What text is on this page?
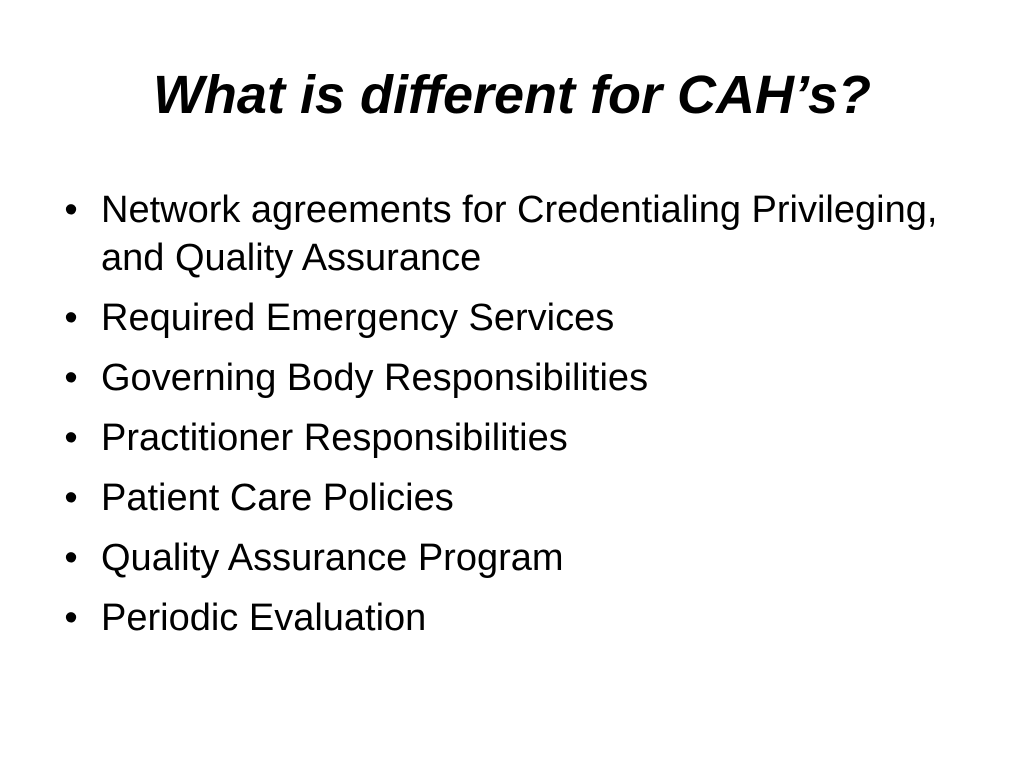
What is different for CAH’s?
• Network agreements for Credentialing Privileging, and Quality Assurance
• Required Emergency Services
• Governing Body Responsibilities
• Practitioner Responsibilities
• Patient Care Policies
• Quality Assurance Program
• Periodic Evaluation
